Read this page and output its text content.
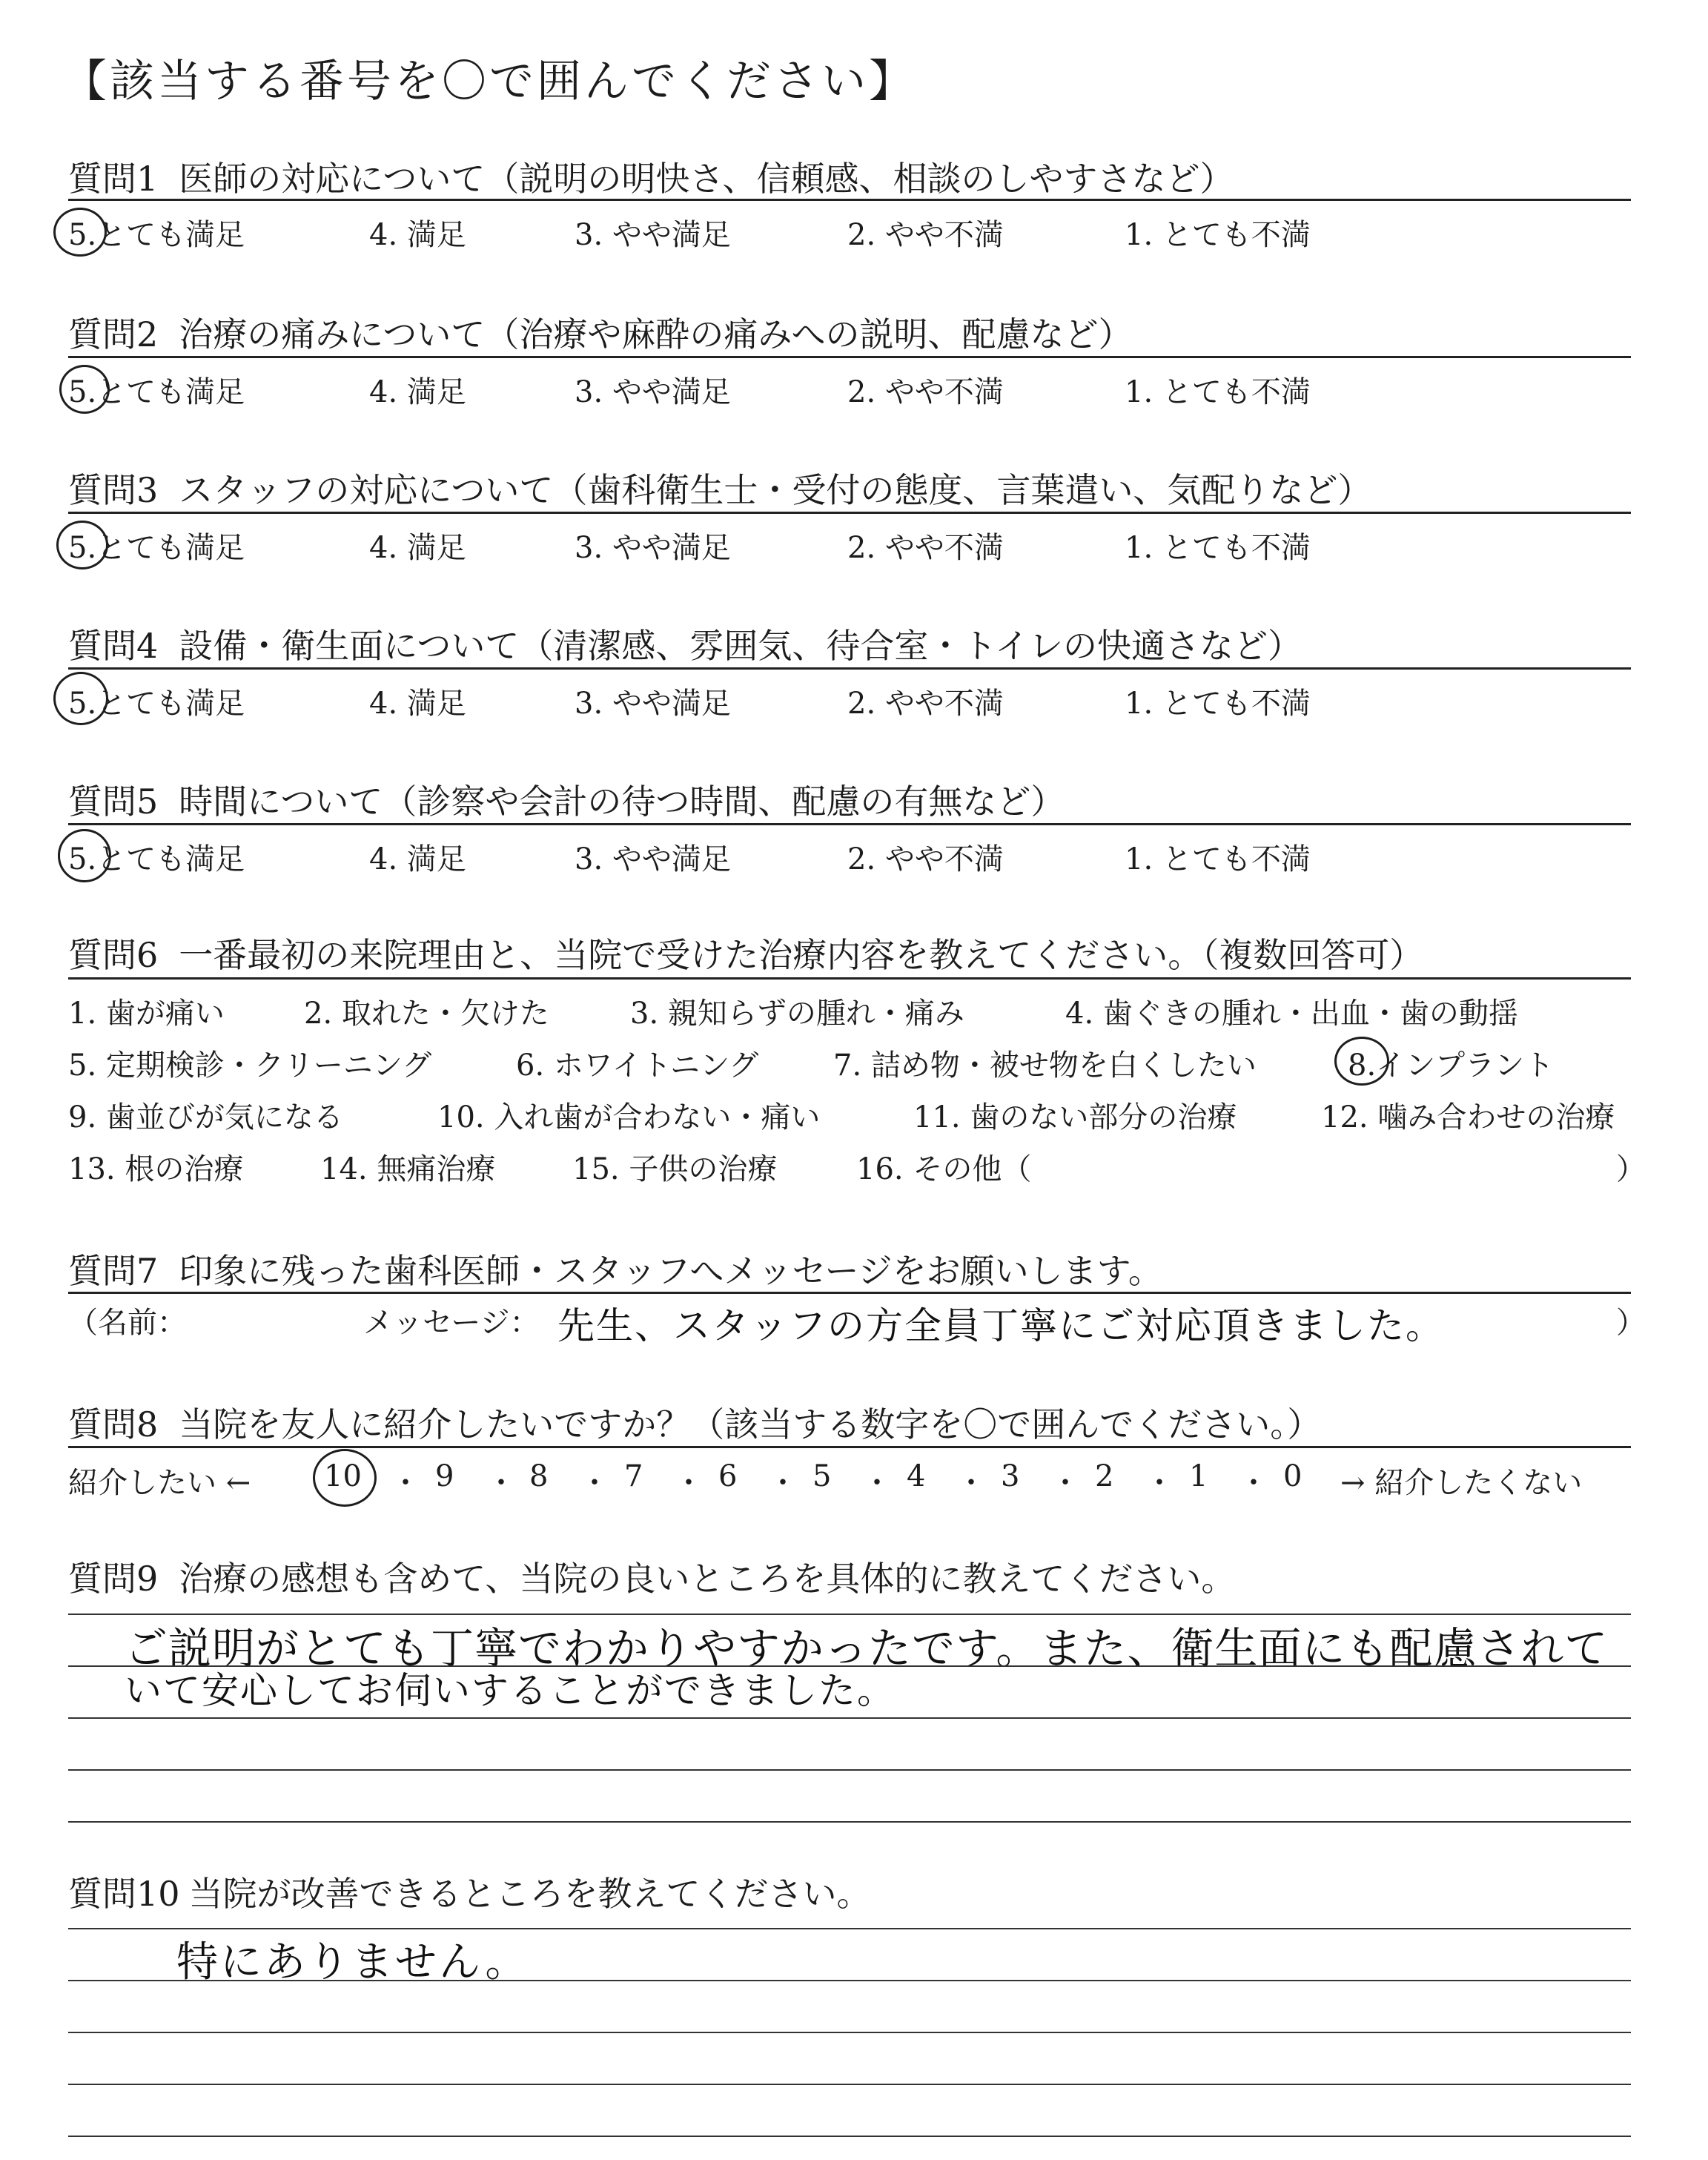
【該当する番号を〇で囲んでください】
質問1 医師の対応について（説明の明快さ、信頼感、相談のしやすさなど）
5.とても満足	4. 満足	3. やや満足	2. やや不満	1. とても不満
質問2 治療の痛みについて（治療や麻酔の痛みへの説明、配慮など）
5.とても満足	4. 満足	3. やや満足	2. やや不満	1. とても不満
質問3 スタッフの対応について（歯科衛生士・受付の態度、言葉遣い、気配りなど）
5.とても満足	4. 満足	3. やや満足	2. やや不満	1. とても不満
質問4 設備・衛生面について（清潔感、雰囲気、待合室・トイレの快適さなど）
5.とても満足	4. 満足	3. やや満足	2. やや不満	1. とても不満
質問5 時間について（診察や会計の待つ時間、配慮の有無など）
5.とても満足	4. 満足	3. やや満足	2. やや不満	1. とても不満
質問6 一番最初の来院理由と、当院で受けた治療内容を教えてください。（複数回答可）
1. 歯が痛い	2. 取れた・欠けた	3. 親知らずの腫れ・痛み	4. 歯ぐきの腫れ・出血・歯の動揺
5. 定期検診・クリーニング	6. ホワイトニング	7. 詰め物・被せ物を白くしたい	8.インプラント
9. 歯並びが気になる	10. 入れ歯が合わない・痛い	11. 歯のない部分の治療	12. 噛み合わせの治療
13. 根の治療	14. 無痛治療	15. 子供の治療	16. その他（	）
質問7 印象に残った歯科医師・スタッフへメッセージをお願いします。
（名前：	メッセージ： 先生、スタッフの方全員丁寧にご対応頂きました。	）
質問8 当院を友人に紹介したいですか？（該当する数字を〇で囲んでください。）
紹介したい ← 10 ・ 9 ・ 8 ・ 7 ・ 6 ・ 5 ・ 4 ・ 3 ・ 2 ・ 1 ・ 0 → 紹介したくない
質問9 治療の感想も含めて、当院の良いところを具体的に教えてください。
ご説明がとても丁寧でわかりやすかったです。また、衛生面にも配慮されて
いて安心してお伺いすることができました。
質問10 当院が改善できるところを教えてください。
特にありません。
